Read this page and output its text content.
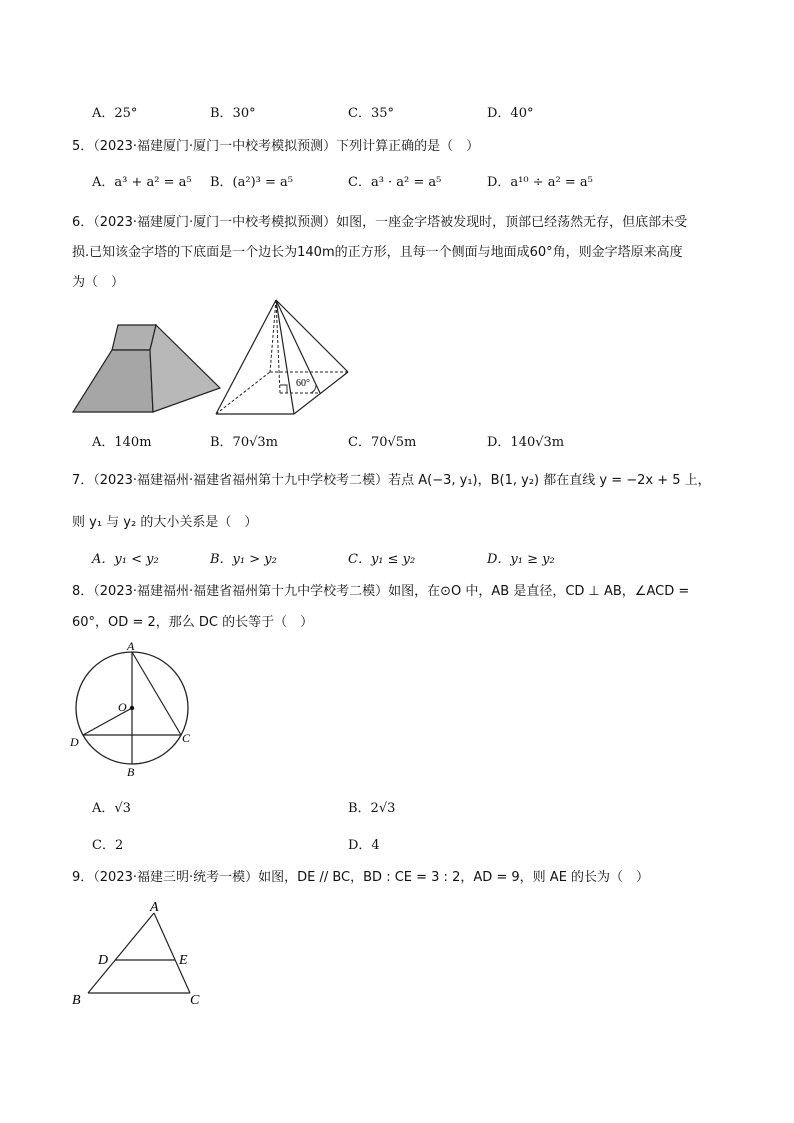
A．25°	B．30°	C．35°	D．40°
5．（2023·福建厦门·厦门一中校考模拟预测）下列计算正确的是（　）
A．a³ + a² = a⁵ B．(a²)³ = a⁵	C．a³ · a² = a⁵	D．a¹⁰ ÷ a² = a⁵
6．（2023·福建厦门·厦门一中校考模拟预测）如图，一座金字塔被发现时，顶部已经荡然无存，但底部未受
损.已知该金字塔的下底面是一个边长为140m的正方形，且每一个侧面与地面成60°角，则金字塔原来高度
为（　）
60°
A．140m	B．70√3m	C．70√5m	D．140√3m
7．（2023·福建福州·福建省福州第十九中学校考二模）若点 A(−3, y₁)，B(1, y₂) 都在直线 y = −2x + 5 上，
则 y₁ 与 y₂ 的大小关系是（　）
A．y₁ < y₂	B．y₁ > y₂	C．y₁ ≤ y₂	D．y₁ ≥ y₂
8．（2023·福建福州·福建省福州第十九中学校考二模）如图，在⊙O 中，AB 是直径，CD ⊥ AB，∠ACD =
60°，OD = 2，那么 DC 的长等于（　）
A
O
D	C
B
A．√3	B．2√3
C．2	D．4
9．（2023·福建三明·统考一模）如图，DE // BC，BD : CE = 3 : 2，AD = 9，则 AE 的长为（　）
A
D	E
B	C
